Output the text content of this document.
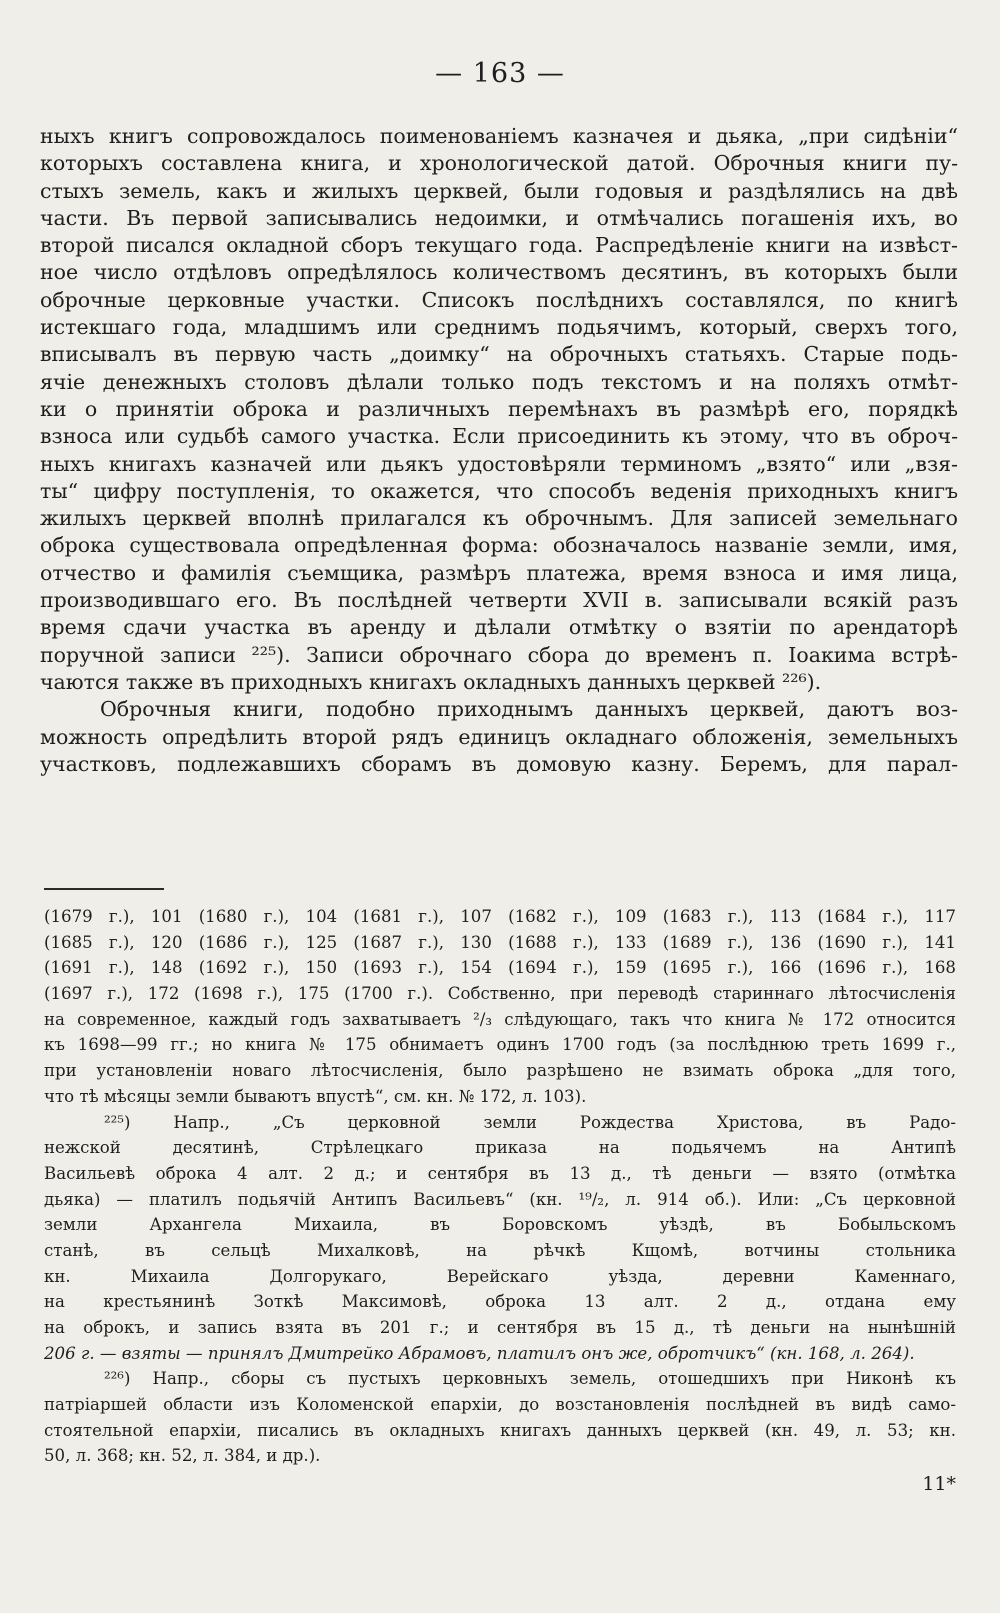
— 163 —
ныхъ книгъ сопровождалось поименованіемъ казначея и дьяка, „при сидѣніи“
которыхъ составлена книга, и хронологической датой. Оброчныя книги пу-
стыхъ земель, какъ и жилыхъ церквей, были годовыя и раздѣлялись на двѣ
части. Въ первой записывались недоимки, и отмѣчались погашенія ихъ, во
второй писался окладной сборъ текущаго года. Распредѣленіе книги на извѣст-
ное число отдѣловъ опредѣлялось количествомъ десятинъ, въ которыхъ были
оброчные церковные участки. Списокъ послѣднихъ составлялся, по книгѣ
истекшаго года, младшимъ или среднимъ подьячимъ, который, сверхъ того,
вписывалъ въ первую часть „доимку“ на оброчныхъ статьяхъ. Старые подь-
ячіе денежныхъ столовъ дѣлали только подъ текстомъ и на поляхъ отмѣт-
ки о принятіи оброка и различныхъ перемѣнахъ въ размѣрѣ его, порядкѣ
взноса или судьбѣ самого участка. Если присоединить къ этому, что въ оброч-
ныхъ книгахъ казначей или дьякъ удостовѣряли терминомъ „взято“ или „взя-
ты“ цифру поступленія, то окажется, что способъ веденія приходныхъ книгъ
жилыхъ церквей вполнѣ прилагался къ оброчнымъ. Для записей земельнаго
оброка существовала опредѣленная форма: обозначалось названіе земли, имя,
отчество и фамилія съемщика, размѣръ платежа, время взноса и имя лица,
производившаго его. Въ послѣдней четверти XVII в. записывали всякій разъ
время сдачи участка въ аренду и дѣлали отмѣтку о взятіи по арендаторѣ
поручной записи ²²⁵). Записи оброчнаго сбора до временъ п. Іоакима встрѣ-
чаются также въ приходныхъ книгахъ окладныхъ данныхъ церквей ²²⁶).
Оброчныя книги, подобно приходнымъ данныхъ церквей, даютъ воз-
можность опредѣлить второй рядъ единицъ окладнаго обложенія, земельныхъ
участковъ, подлежавшихъ сборамъ въ домовую казну. Беремъ, для парал-
(1679 г.), 101 (1680 г.), 104 (1681 г.), 107 (1682 г.), 109 (1683 г.), 113 (1684 г.), 117
(1685 г.), 120 (1686 г.), 125 (1687 г.), 130 (1688 г.), 133 (1689 г.), 136 (1690 г.), 141
(1691 г.), 148 (1692 г.), 150 (1693 г.), 154 (1694 г.), 159 (1695 г.), 166 (1696 г.), 168
(1697 г.), 172 (1698 г.), 175 (1700 г.). Собственно, при переводѣ стариннаго лѣтосчисленія
на современное, каждый годъ захватываетъ ²/₃ слѣдующаго, такъ что книга № 172 относится
къ 1698—99 гг.; но книга № 175 обнимаетъ одинъ 1700 годъ (за послѣднюю треть 1699 г.,
при установленіи новаго лѣтосчисленія, было разрѣшено не взимать оброка „для того,
что тѣ мѣсяцы земли бываютъ впустѣ“, см. кн. № 172, л. 103).
²²⁵) Напр., „Съ церковной земли Рождества Христова, въ Радо-
нежской десятинѣ, Стрѣлецкаго приказа на подьячемъ на Антипѣ
Васильевѣ оброка 4 алт. 2 д.; и сентября въ 13 д., тѣ деньги — взято (отмѣтка
дьяка) — платилъ подьячій Антипъ Васильевъ“ (кн. ¹⁹/₂, л. 914 об.). Или: „Съ церковной
земли Архангела Михаила, въ Боровскомъ уѣздѣ, въ Бобыльскомъ
станѣ, въ сельцѣ Михалковѣ, на рѣчкѣ Кщомѣ, вотчины стольника
кн. Михаила Долгорукаго, Верейскаго уѣзда, деревни Каменнаго,
на крестьянинѣ Зоткѣ Максимовѣ, оброка 13 алт. 2 д., отдана ему
на оброкъ, и запись взята въ 201 г.; и сентября въ 15 д., тѣ деньги на нынѣшній
206 г. — взяты — принялъ Дмитрейко Абрамовъ, платилъ онъ же, обротчикъ“ (кн. 168, л. 264).
²²⁶) Напр., сборы съ пустыхъ церковныхъ земель, отошедшихъ при Никонѣ къ
патріаршей области изъ Коломенской епархіи, до возстановленія послѣдней въ видѣ само-
стоятельной епархіи, писались въ окладныхъ книгахъ данныхъ церквей (кн. 49, л. 53; кн.
50, л. 368; кн. 52, л. 384, и др.).
11*
